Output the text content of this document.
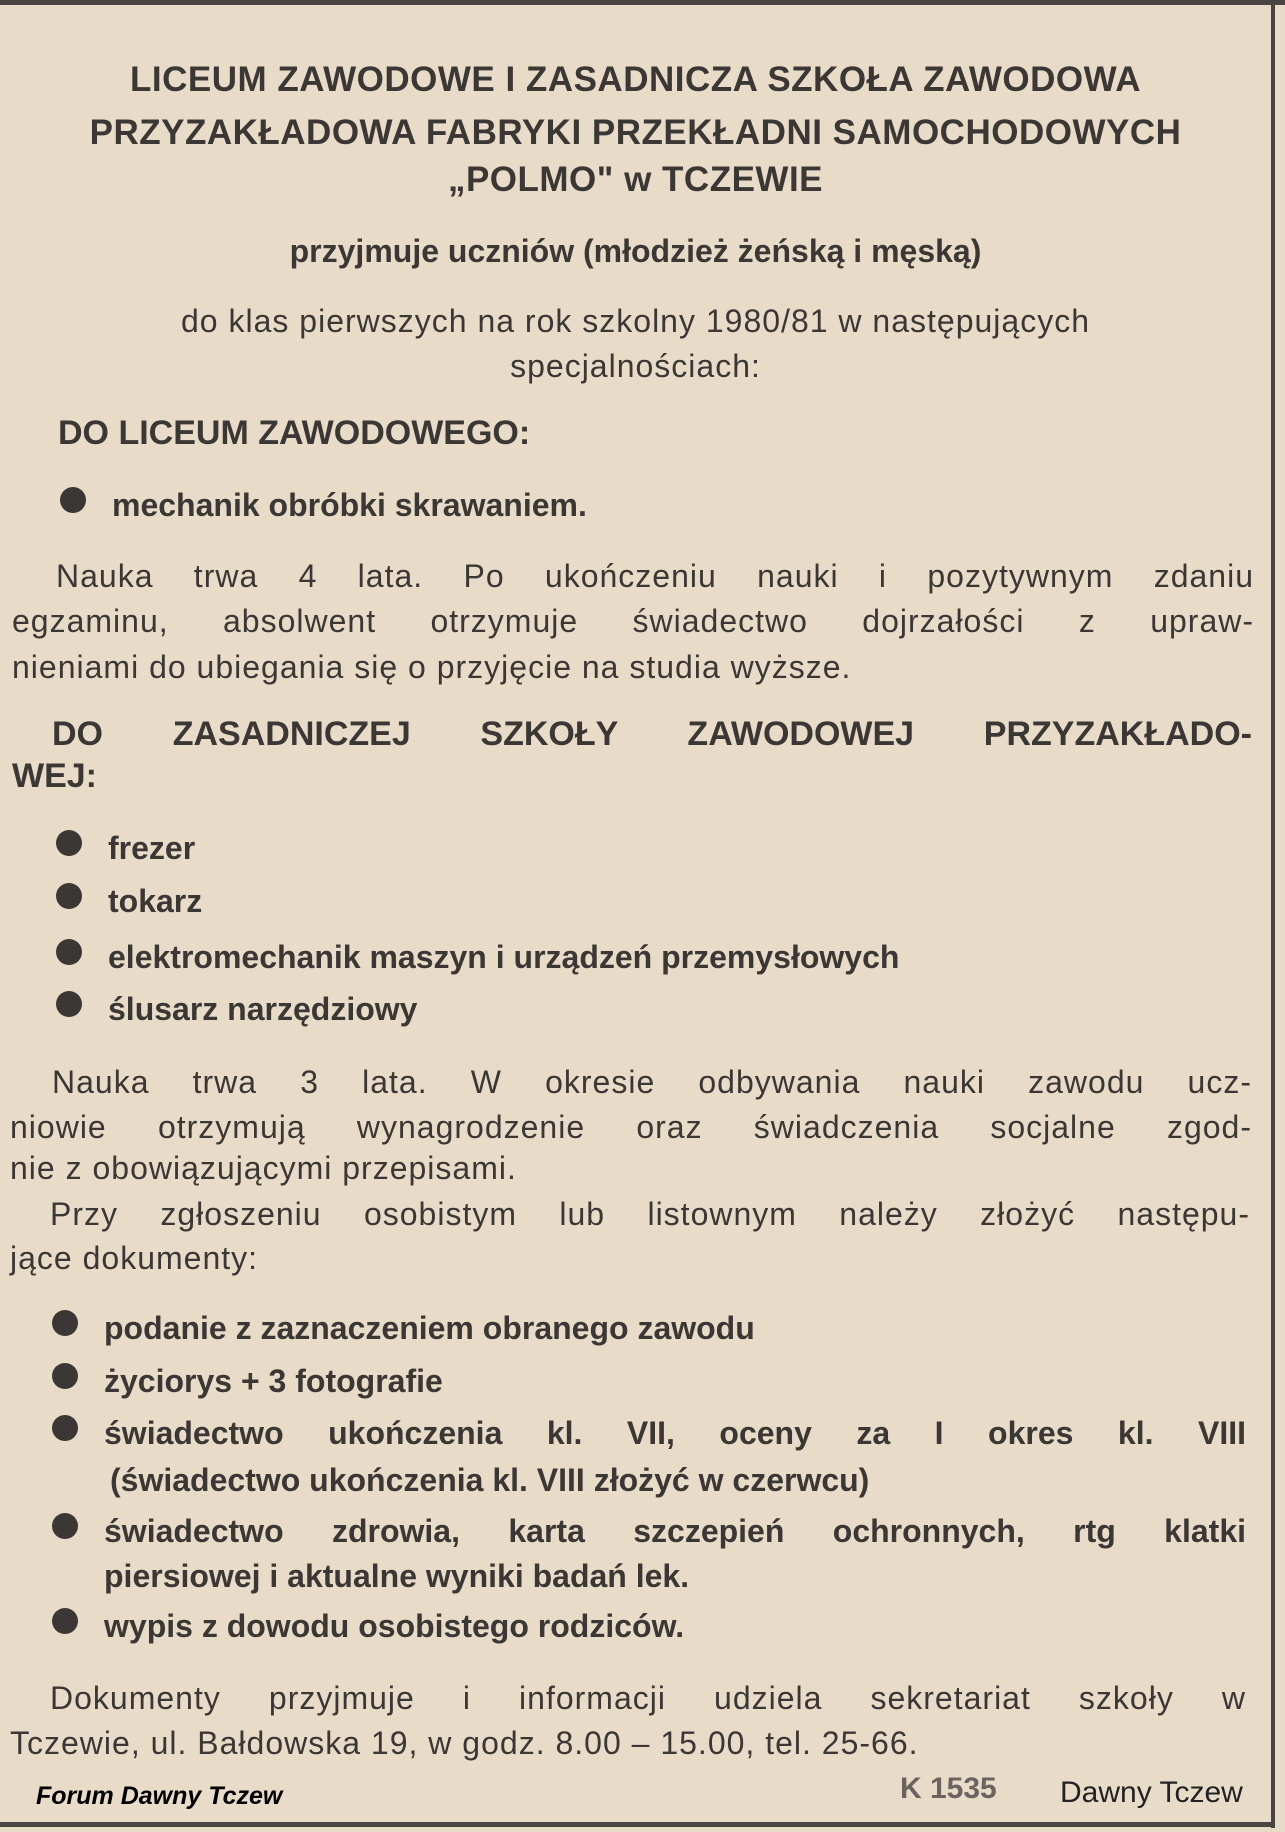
LICEUM ZAWODOWE I ZASADNICZA SZKOŁA ZAWODOWA
PRZYZAKŁADOWA FABRYKI PRZEKŁADNI SAMOCHODOWYCH
„POLMO" w TCZEWIE
przyjmuje uczniów (młodzież żeńską i męską)
do klas pierwszych na rok szkolny 1980/81 w następujących
specjalnościach:
DO LICEUM ZAWODOWEGO:
mechanik obróbki skrawaniem.
Nauka trwa 4 lata. Po ukończeniu nauki i pozytywnym zdaniu
egzaminu, absolwent otrzymuje świadectwo dojrzałości z upraw-
nieniami do ubiegania się o przyjęcie na studia wyższe.
DO ZASADNICZEJ SZKOŁY ZAWODOWEJ PRZYZAKŁADO-
WEJ:
frezer
tokarz
elektromechanik maszyn i urządzeń przemysłowych
ślusarz narzędziowy
Nauka trwa 3 lata. W okresie odbywania nauki zawodu ucz-
niowie otrzymują wynagrodzenie oraz świadczenia socjalne zgod-
nie z obowiązującymi przepisami.
Przy zgłoszeniu osobistym lub listownym należy złożyć następu-
jące dokumenty:
podanie z zaznaczeniem obranego zawodu
życiorys + 3 fotografie
świadectwo ukończenia kl. VII, oceny za I okres kl. VIII
(świadectwo ukończenia kl. VIII złożyć w czerwcu)
świadectwo zdrowia, karta szczepień ochronnych, rtg klatki
piersiowej i aktualne wyniki badań lek.
wypis z dowodu osobistego rodziców.
Dokumenty przyjmuje i informacji udziela sekretariat szkoły w
Tczewie, ul. Bałdowska 19, w godz. 8.00 – 15.00, tel. 25-66.
K 1535
Forum Dawny Tczew	Dawny Tczew
